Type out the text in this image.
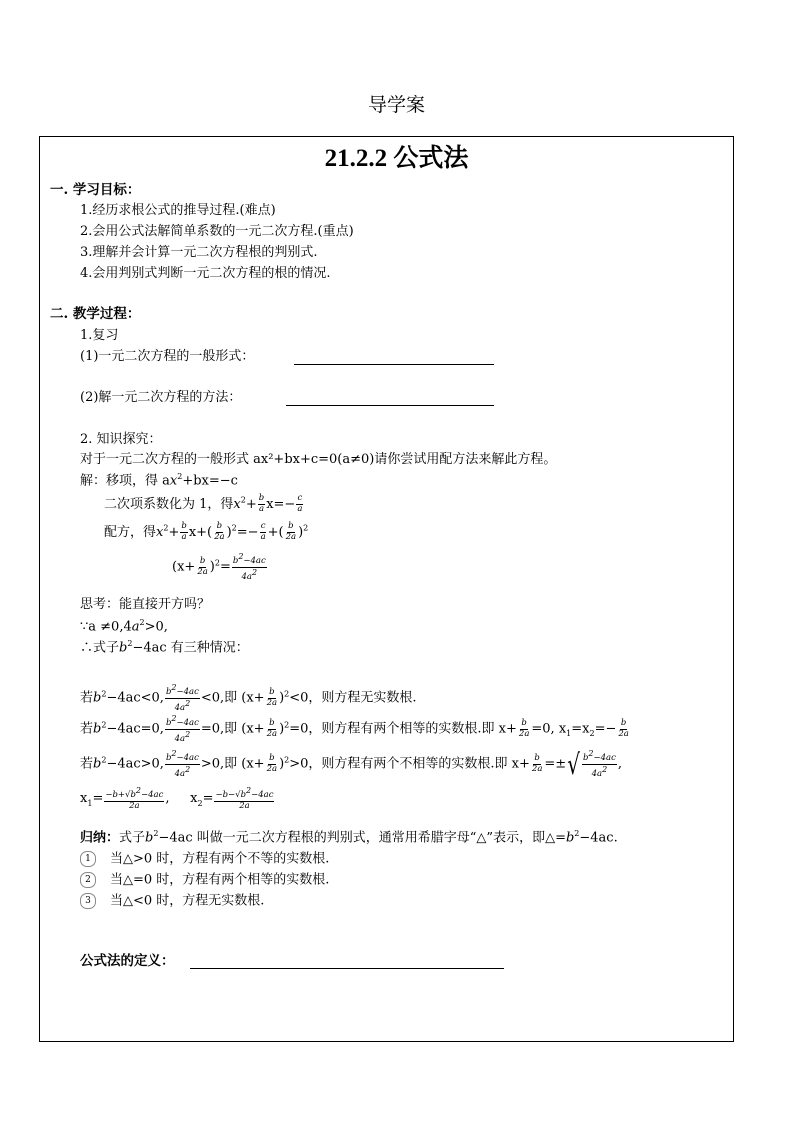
导学案
21.2.2 公式法
一. 学习目标：
1.经历求根公式的推导过程.(难点)
2.会用公式法解简单系数的一元二次方程.(重点)
3.理解并会计算一元二次方程根的判别式.
4.会用判别式判断一元二次方程的根的情况.
二. 教学过程：
1.复习
(1)一元二次方程的一般形式：
(2)解一元二次方程的方法：
2. 知识探究：
对于一元二次方程的一般形式 ax²+bx+c=0(a≠0)请你尝试用配方法来解此方程。
解：移项，得 $ax^2+bx=-c$
二次项系数化为 1，得$x^2+ \frac{b}{a} x=- \frac{c}{a}$
配方，得$x^2+ \frac{b}{a} x+( \frac{b}{2a} )^2=- \frac{c}{a}$ +( $\frac{b}{2a} )^2$
$(x+ \frac{b}{2a} )^2= \frac{b^2-4ac}{4a^2}$
思考：能直接开方吗？
∵a $\ne 0,4a^2>0$,
∴式子$b^2-4ac$ 有三种情况：
若$b^2-4ac<0$, $\frac{b^2-4ac}{4a^2} <0$,即 $(x+ \frac{b}{2a} )^2<0$，则方程无实数根.
若$b^2-4ac=0$, $\frac{b^2-4ac}{4a^2} =0$,即 $(x+ \frac{b}{2a} )^2=0$，则方程有两个相等的实数根.即 $x+ \frac{b}{2a} =0$, $x_1=x_2=- \frac{b}{2a}$
若$b^2-4ac>0$, $\frac{b^2-4ac}{4a^2} >0$,即 $(x+ \frac{b}{2a} )^2>0$，则方程有两个不相等的实数根.即 $x+ \frac{b}{2a}$ =±√ $\frac{b^2-4ac}{4a^2}$ ,
$x_1= \frac{-b+√b^2-4ac}{2a}$ ,     $x_2= \frac{-b-√b^2-4ac}{2a}$
归纳：式子$b^2-4ac$ 叫做一元二次方程根的判别式，通常用希腊字母“△”表示，即$\triangle=b^2-4ac$.
1 当△>0 时，方程有两个不等的实数根.
2 当△=0 时，方程有两个相等的实数根.
3 当△<0 时，方程无实数根.
公式法的定义：
